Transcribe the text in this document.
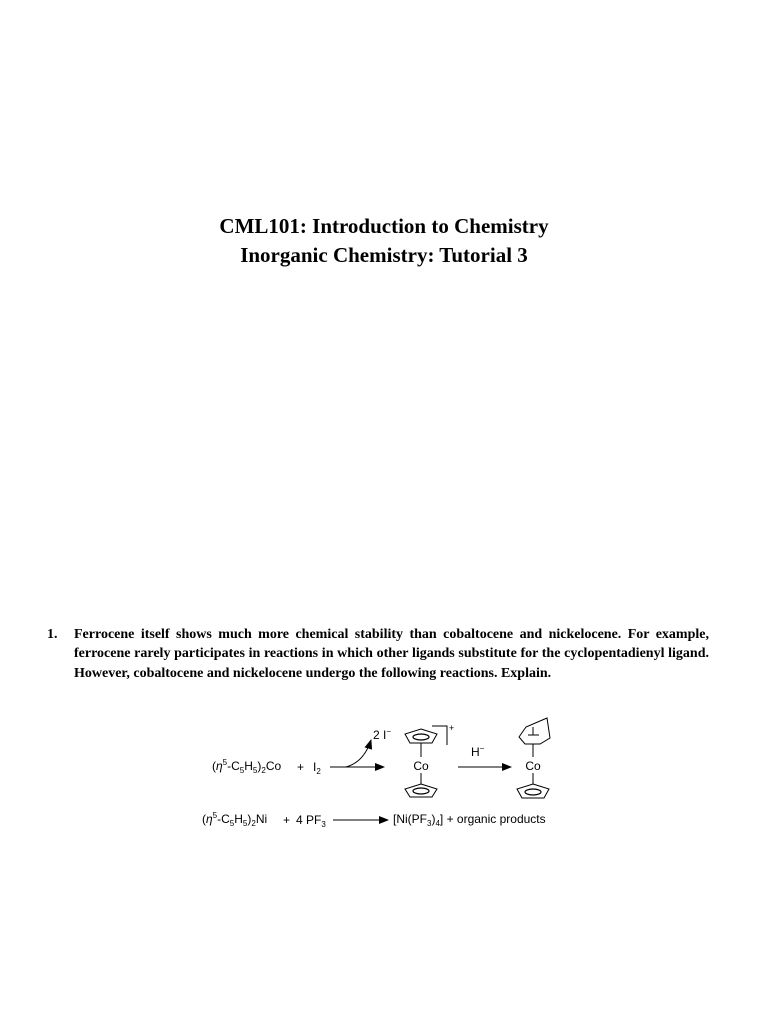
CML101: Introduction to Chemistry
Inorganic Chemistry: Tutorial 3
1. Ferrocene itself shows much more chemical stability than cobaltocene and nickelocene. For example, ferrocene rarely participates in reactions in which other ligands substitute for the cyclopentadienyl ligand. However, cobaltocene and nickelocene undergo the following reactions. Explain.

$(\eta^5-C_5H_5)_2Co + I_2$
2 I−
Co
+
H−
Co
$(\eta^5-C_5H_5)_2Ni + 4$ $PF_3$	$[Ni(PF_3)_4]$ + organic products
